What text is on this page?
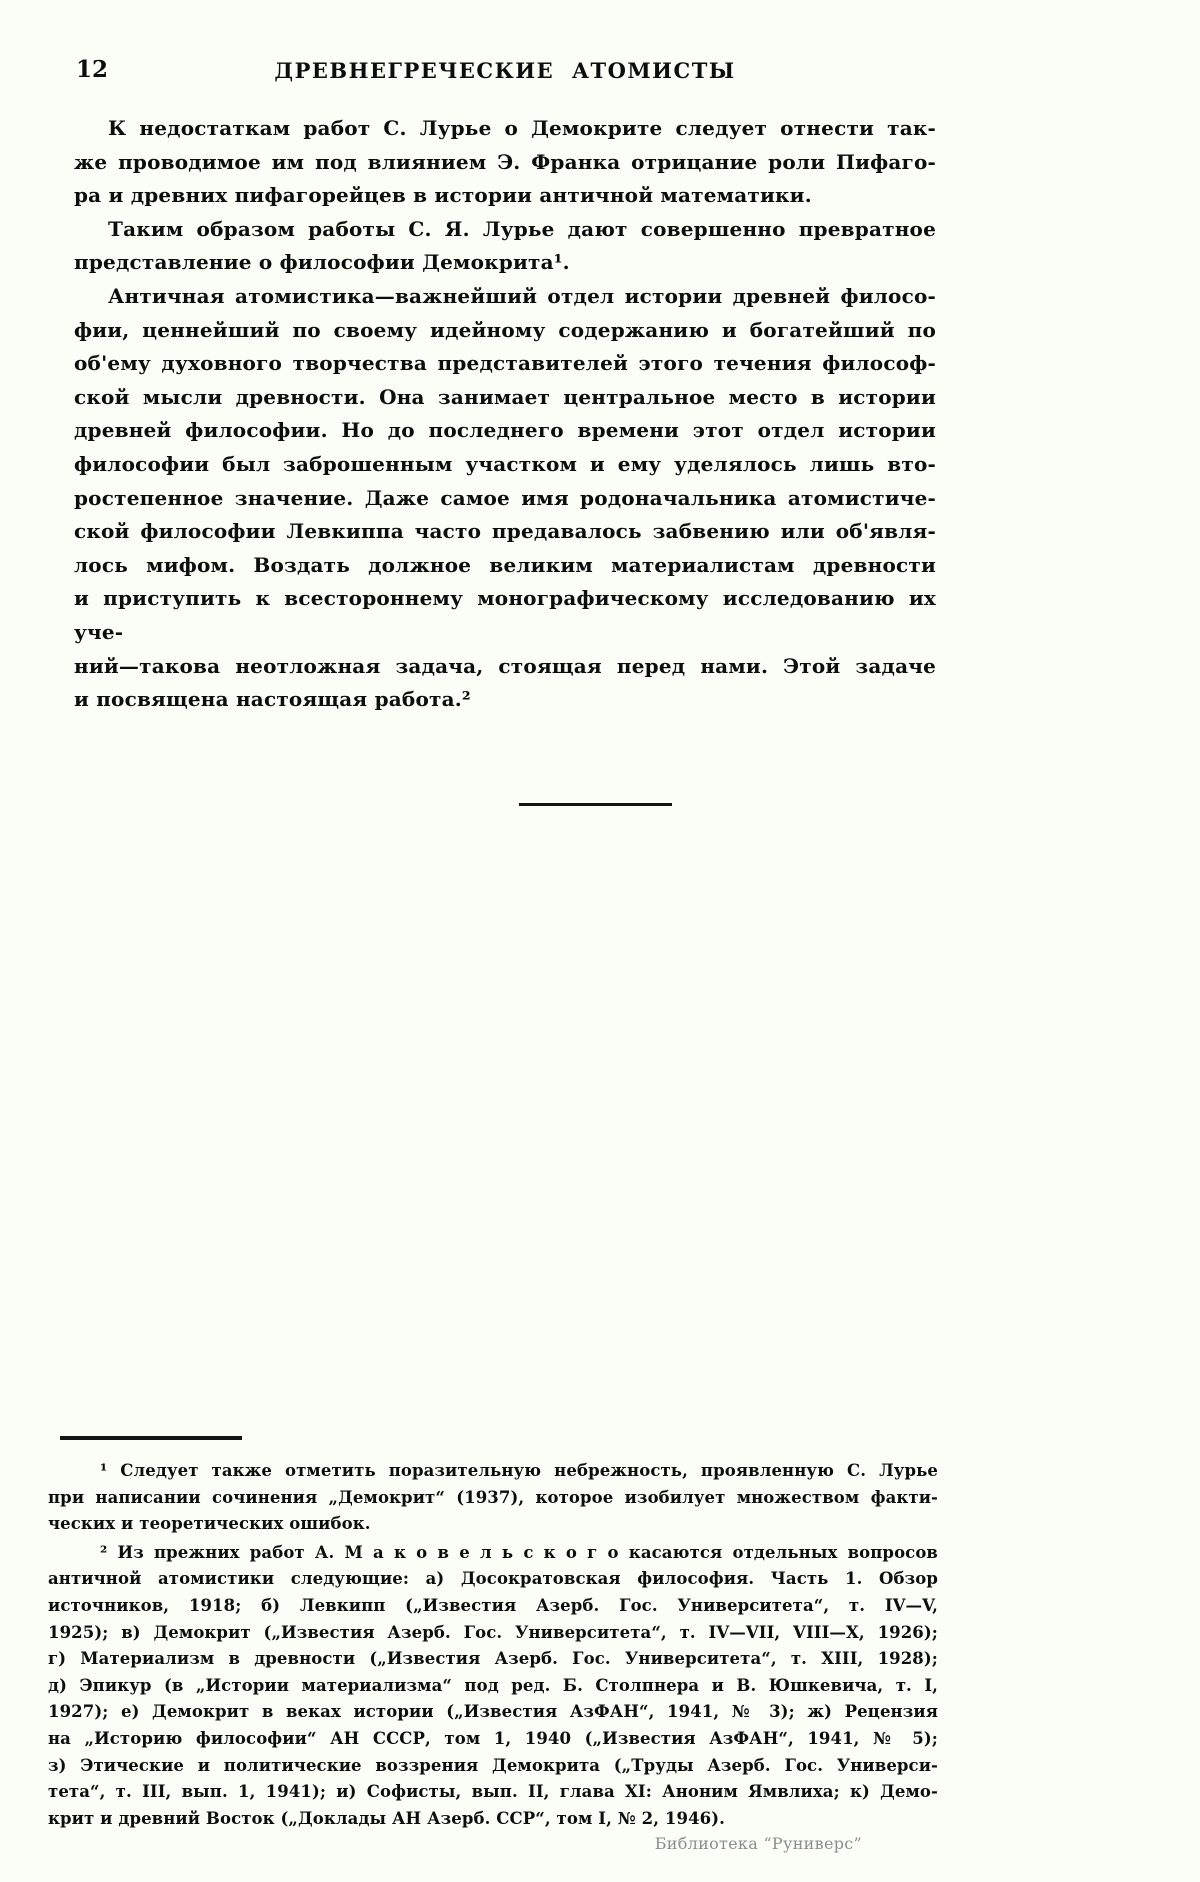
12	ДРЕВНЕГРЕЧЕСКИЕ АТОМИСТЫ
К недостаткам работ С. Лурье о Демокрите следует отнести так-
же проводимое им под влиянием Э. Франка отрицание роли Пифаго-
ра и древних пифагорейцев в истории античной математики.
Таким образом работы С. Я. Лурье дают совершенно превратное
представление о философии Демокрита¹.
Античная атомистика—важнейший отдел истории древней филосо-
фии, ценнейший по своему идейному содержанию и богатейший по
об'ему духовного творчества представителей этого течения философ-
ской мысли древности. Она занимает центральное место в истории
древней философии. Но до последнего времени этот отдел истории
философии был заброшенным участком и ему уделялось лишь вто-
ростепенное значение. Даже самое имя родоначальника атомистиче-
ской философии Левкиппа часто предавалось забвению или об'явля-
лось мифом. Воздать должное великим материалистам древности
и приступить к всестороннему монографическому исследованию их уче-
ний—такова неотложная задача, стоящая перед нами. Этой задаче
и посвящена настоящая работа.²
¹ Следует также отметить поразительную небрежность, проявленную С. Лурье
при написании сочинения „Демокрит“ (1937), которое изобилует множеством факти-
ческих и теоретических ошибок.
² Из прежних работ А. М а к о в е л ь с к о г о касаются отдельных вопросов
античной атомистики следующие: а) Досократовская философия. Часть 1. Обзор
источников, 1918; б) Левкипп („Известия Азерб. Гос. Университета“, т. IV—V,
1925); в) Демокрит („Известия Азерб. Гос. Университета“, т. IV—VII, VIII—X, 1926);
г) Материализм в древности („Известия Азерб. Гос. Университета“, т. XIII, 1928);
д) Эпикур (в „Истории материализма“ под ред. Б. Столпнера и В. Юшкевича, т. I,
1927); е) Демокрит в веках истории („Известия АзФАН“, 1941, № 3); ж) Рецензия
на „Историю философии“ АН СССР, том 1, 1940 („Известия АзФАН“, 1941, № 5);
з) Этические и политические воззрения Демокрита („Труды Азерб. Гос. Универси-
тета“, т. III, вып. 1, 1941); и) Софисты, вып. II, глава XI: Аноним Ямвлиха; к) Демо-
крит и древний Восток („Доклады АН Азерб. ССР“, том I, № 2, 1946).
Библиотека “Руниверс”
